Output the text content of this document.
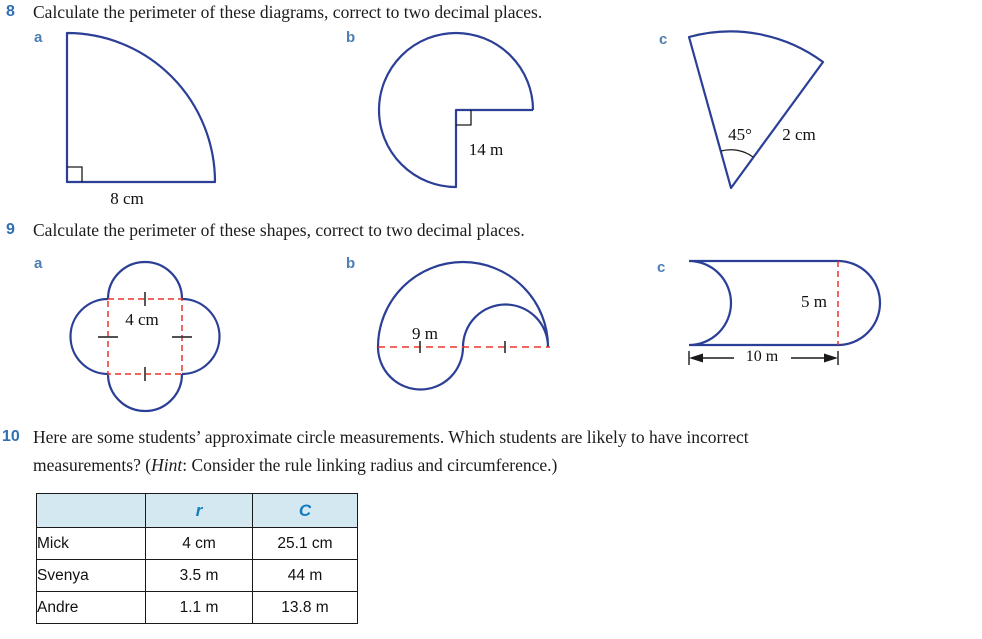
8 Calculate the perimeter of these diagrams, correct to two decimal places.
a	b	c
8 cm
14 m
45°	2 cm
9 Calculate the perimeter of these shapes, correct to two decimal places.
a	b	c
4 cm
9 m
5 m
10 m
10 Here are some students’ approximate circle measurements. Which students are likely to have incorrect
measurements? (Hint: Consider the rule linking radius and circumference.)
	r	C
Mick	4 cm	25.1 cm
Svenya	3.5 m	44 m
Andre	1.1 m	13.8 m
